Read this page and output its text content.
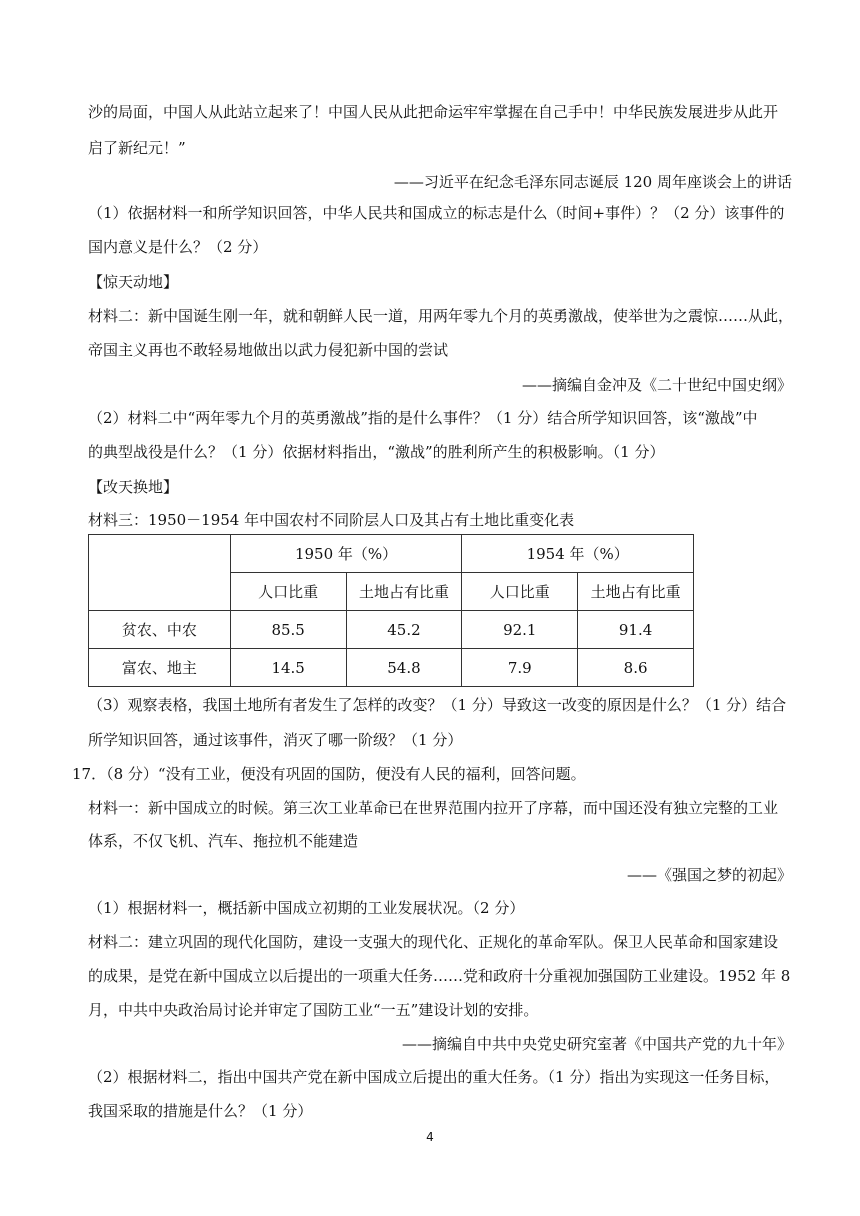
沙的局面，中国人从此站立起来了！中国人民从此把命运牢牢掌握在自己手中！中华民族发展进步从此开
启了新纪元！”
——习近平在纪念毛泽东同志诞辰 120 周年座谈会上的讲话
（1）依据材料一和所学知识回答，中华人民共和国成立的标志是什么（时间+事件）？（2 分）该事件的
国内意义是什么？（2 分）
【惊天动地】
材料二：新中国诞生刚一年，就和朝鲜人民一道，用两年零九个月的英勇激战，使举世为之震惊……从此，
帝国主义再也不敢轻易地做出以武力侵犯新中国的尝试
——摘编自金冲及《二十世纪中国史纲》
（2）材料二中“两年零九个月的英勇激战”指的是什么事件？（1 分）结合所学知识回答，该“激战”中
的典型战役是什么？（1 分）依据材料指出，“激战”的胜利所产生的积极影响。（1 分）
【改天换地】
材料三：1950－1954 年中国农村不同阶层人口及其占有土地比重变化表
	1950 年（%）		1954 年（%）	
	人口比重	土地占有比重	人口比重	土地占有比重
贫农、中农	85.5	45.2	92.1	91.4
富农、地主	14.5	54.8	7.9	8.6
（3）观察表格，我国土地所有者发生了怎样的改变？（1 分）导致这一改变的原因是什么？（1 分）结合
所学知识回答，通过该事件，消灭了哪一阶级？（1 分）
17．（8 分）“没有工业，便没有巩固的国防，便没有人民的福利，回答问题。
材料一：新中国成立的时候。第三次工业革命已在世界范围内拉开了序幕，而中国还没有独立完整的工业
体系，不仅飞机、汽车、拖拉机不能建造
——《强国之梦的初起》
（1）根据材料一，概括新中国成立初期的工业发展状况。（2 分）
材料二：建立巩固的现代化国防，建设一支强大的现代化、正规化的革命军队。保卫人民革命和国家建设
的成果，是党在新中国成立以后提出的一项重大任务……党和政府十分重视加强国防工业建设。1952 年 8
月，中共中央政治局讨论并审定了国防工业“一五”建设计划的安排。
——摘编自中共中央党史研究室著《中国共产党的九十年》
（2）根据材料二，指出中国共产党在新中国成立后提出的重大任务。（1 分）指出为实现这一任务目标，
我国采取的措施是什么？（1 分）
4
